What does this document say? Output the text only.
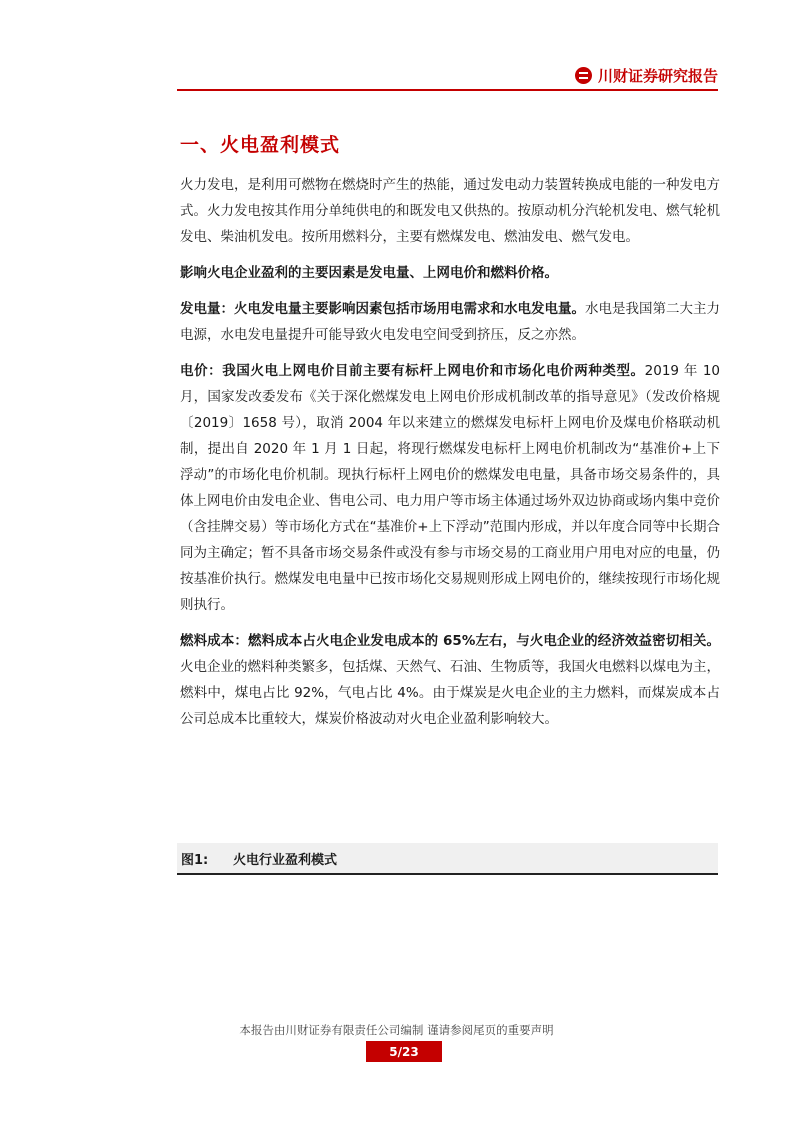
川财证券研究报告
一、火电盈利模式

火力发电，是利用可燃物在燃烧时产生的热能，通过发电动力装置转换成电能的一种发电方式。火力发电按其作用分单纯供电的和既发电又供热的。按原动机分汽轮机发电、燃气轮机发电、柴油机发电。按所用燃料分，主要有燃煤发电、燃油发电、燃气发电。

影响火电企业盈利的主要因素是发电量、上网电价和燃料价格。

发电量：火电发电量主要影响因素包括市场用电需求和水电发电量。水电是我国第二大主力电源，水电发电量提升可能导致火电发电空间受到挤压，反之亦然。

电价：我国火电上网电价目前主要有标杆上网电价和市场化电价两种类型。2019 年 10 月，国家发改委发布《关于深化燃煤发电上网电价形成机制改革的指导意见》（发改价格规〔2019〕1658 号），取消 2004 年以来建立的燃煤发电标杆上网电价及煤电价格联动机制，提出自 2020 年 1 月 1 日起，将现行燃煤发电标杆上网电价机制改为“基准价+上下浮动”的市场化电价机制。现执行标杆上网电价的燃煤发电电量，具备市场交易条件的，具体上网电价由发电企业、售电公司、电力用户等市场主体通过场外双边协商或场内集中竞价（含挂牌交易）等市场化方式在“基准价+上下浮动”范围内形成，并以年度合同等中长期合同为主确定；暂不具备市场交易条件或没有参与市场交易的工商业用户用电对应的电量，仍按基准价执行。燃煤发电电量中已按市场化交易规则形成上网电价的，继续按现行市场化规则执行。

燃料成本：燃料成本占火电企业发电成本的 65%左右，与火电企业的经济效益密切相关。火电企业的燃料种类繁多，包括煤、天然气、石油、生物质等，我国火电燃料以煤电为主，燃料中，煤电占比 92%，气电占比 4%。由于煤炭是火电企业的主力燃料，而煤炭成本占公司总成本比重较大，煤炭价格波动对火电企业盈利影响较大。

图1:	火电行业盈利模式
本报告由川财证券有限责任公司编制 谨请参阅尾页的重要声明
5/23
